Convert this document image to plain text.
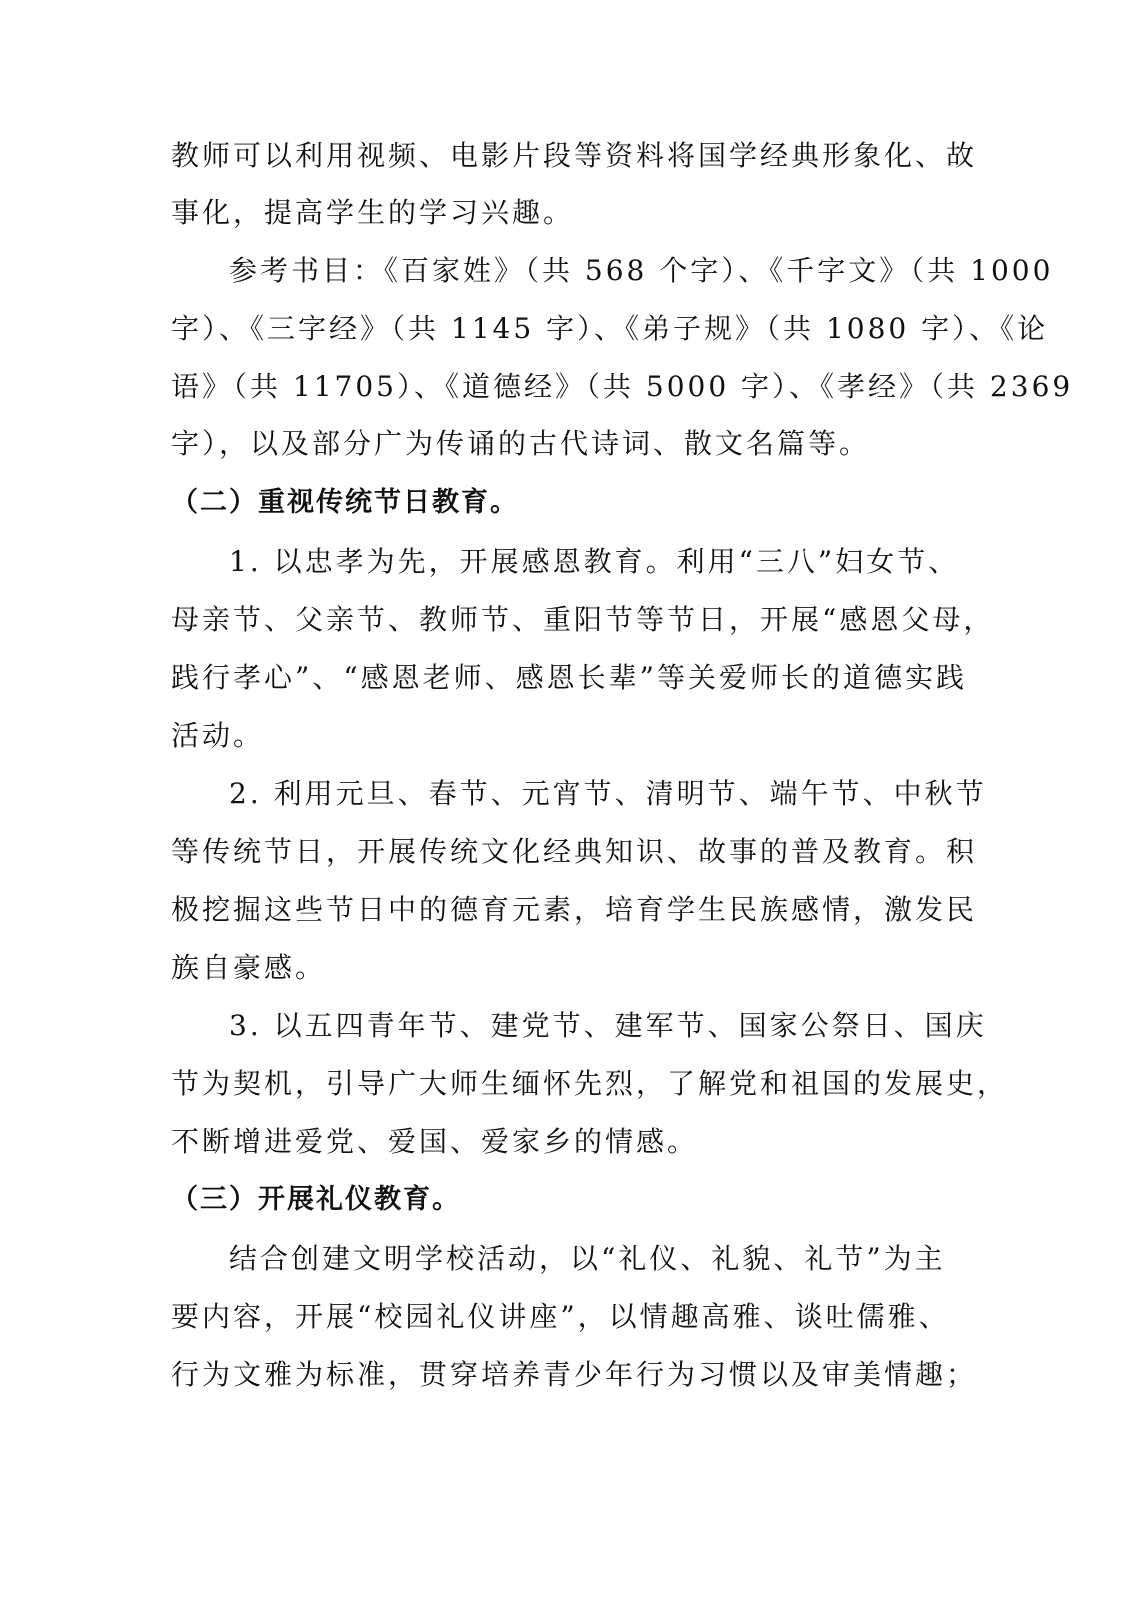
教师可以利用视频、电影片段等资料将国学经典形象化、故
事化，提高学生的学习兴趣。
参考书目：《百家姓》（共 568 个字）、《千字文》（共 1000
字）、《三字经》（共 1145 字）、《弟子规》（共 1080 字）、《论
语》（共 11705）、《道德经》（共 5000 字）、《孝经》（共 2369
字），以及部分广为传诵的古代诗词、散文名篇等。
（二）重视传统节日教育。
1. 以忠孝为先，开展感恩教育。利用“三八”妇女节、
母亲节、父亲节、教师节、重阳节等节日，开展“感恩父母，
践行孝心”、“感恩老师、感恩长辈”等关爱师长的道德实践
活动。
2. 利用元旦、春节、元宵节、清明节、端午节、中秋节
等传统节日，开展传统文化经典知识、故事的普及教育。积
极挖掘这些节日中的德育元素，培育学生民族感情，激发民
族自豪感。
3. 以五四青年节、建党节、建军节、国家公祭日、国庆
节为契机，引导广大师生缅怀先烈，了解党和祖国的发展史，
不断增进爱党、爱国、爱家乡的情感。
（三）开展礼仪教育。
结合创建文明学校活动，以“礼仪、礼貌、礼节”为主
要内容，开展“校园礼仪讲座”，以情趣高雅、谈吐儒雅、
行为文雅为标准，贯穿培养青少年行为习惯以及审美情趣；
